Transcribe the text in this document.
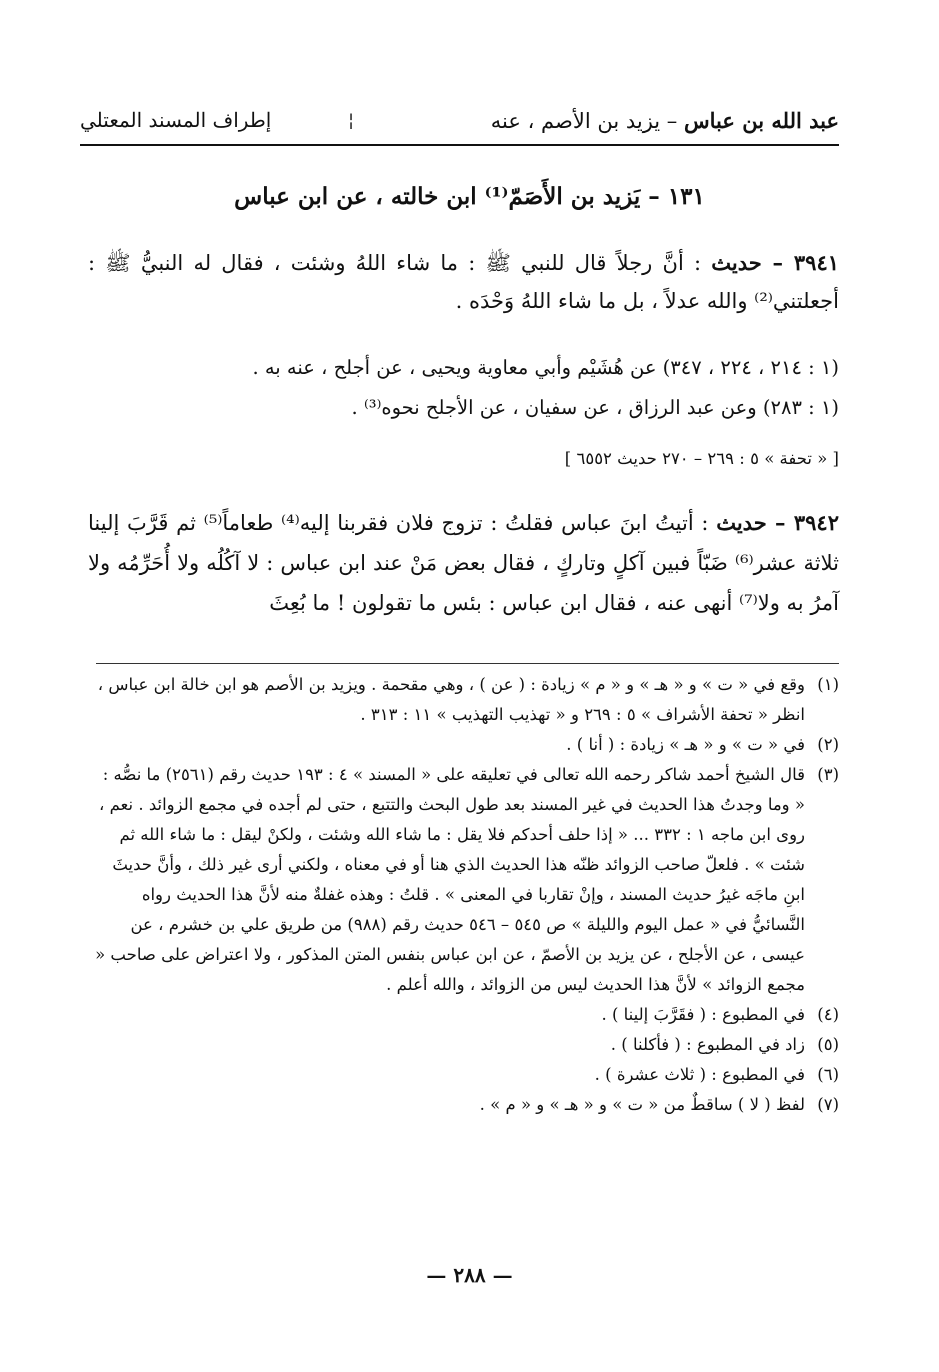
عبد الله بن عباس – يزيد بن الأصم ، عنه
¦
إطراف المسند المعتلي
١٣١ – يَزيد بن الأَصَمّ⁽¹⁾ ابن خالته ، عن ابن عباس
٣٩٤١ – حديث : أنَّ رجلاً قال للنبي ﷺ : ما شاء اللهُ وشئت ، فقال له النبيُّ ﷺ : أجعلتني⁽²⁾ والله عدلاً ، بل ما شاء اللهُ وَحْدَه .
(١ : ٢١٤ ، ٢٢٤ ، ٣٤٧) عن هُشَيْم وأبي معاوية ويحيى ، عن أجلح ، عنه به .
(١ : ٢٨٣) وعن عبد الرزاق ، عن سفيان ، عن الأجلح نحوه⁽³⁾ .
[ « تحفة » ٥ : ٢٦٩ – ٢٧٠ حديث ٦٥٥٢ ]
٣٩٤٢ – حديث : أتيتُ ابنَ عباس فقلتُ : تزوج فلان فقربنا إليه⁽⁴⁾ طعاماً⁽⁵⁾ ثم قَرَّبَ إلينا ثلاثة عشر⁽⁶⁾ ضَبّاً فبين آكلٍ وتاركٍ ، فقال بعض مَنْ عند ابن عباس : لا آكُلُه ولا أُحَرِّمُه ولا آمرُ به ولا⁽⁷⁾ أنهى عنه ، فقال ابن عباس : بئس ما تقولون ! ما بُعِثَ
(١)
وقع في « ت » و « هـ » و « م » زيادة : ( عن ) ، وهي مقحمة . ويزيد بن الأصم هو ابن خالة ابن عباس ، انظر « تحفة الأشراف » ٥ : ٢٦٩ و « تهذيب التهذيب » ١١ : ٣١٣ .
(٢)
في « ت » و « هـ » زيادة : ( أنا ) .
(٣)
قال الشيخ أحمد شاكر رحمه الله تعالى في تعليقه على « المسند » ٤ : ١٩٣ حديث رقم (٢٥٦١) ما نصُّه : « وما وجدتُ هذا الحديث في غير المسند بعد طول البحث والتتبع ، حتى لم أجده في مجمع الزوائد . نعم ، روى ابن ماجه ١ : ٣٣٢ ... « إذا حلف أحدكم فلا يقل : ما شاء الله وشئت ، ولكنْ ليقل : ما شاء الله ثم شئت » . فلعلّ صاحب الزوائد ظنّه هذا الحديث الذي هنا أو في معناه ، ولكني أرى غير ذلك ، وأنَّ حديثَ ابنِ ماجَه غيرُ حديث المسند ، وإنْ تقاربا في المعنى » . قلتُ : وهذه غفلةٌ منه لأنَّ هذا الحديث رواه النَّسائيُّ في « عمل اليوم والليلة » ص ٥٤٥ – ٥٤٦ حديث رقم (٩٨٨) من طريق علي بن خشرم ، عن عيسى ، عن الأجلح ، عن يزيد بن الأصمّ ، عن ابن عباس بنفس المتن المذكور ، ولا اعتراض على صاحب « مجمع الزوائد » لأنَّ هذا الحديث ليس من الزوائد ، والله أعلم .
(٤)
في المطبوع : ( فقَرَّبَ إلينا ) .
(٥)
زاد في المطبوع : ( فأكلنا ) .
(٦)
في المطبوع : ( ثلاث عشرة ) .
(٧)
لفظ ( لا ) ساقطٌ من « ت » و « هـ » و « م » .
— ٢٨٨ —
